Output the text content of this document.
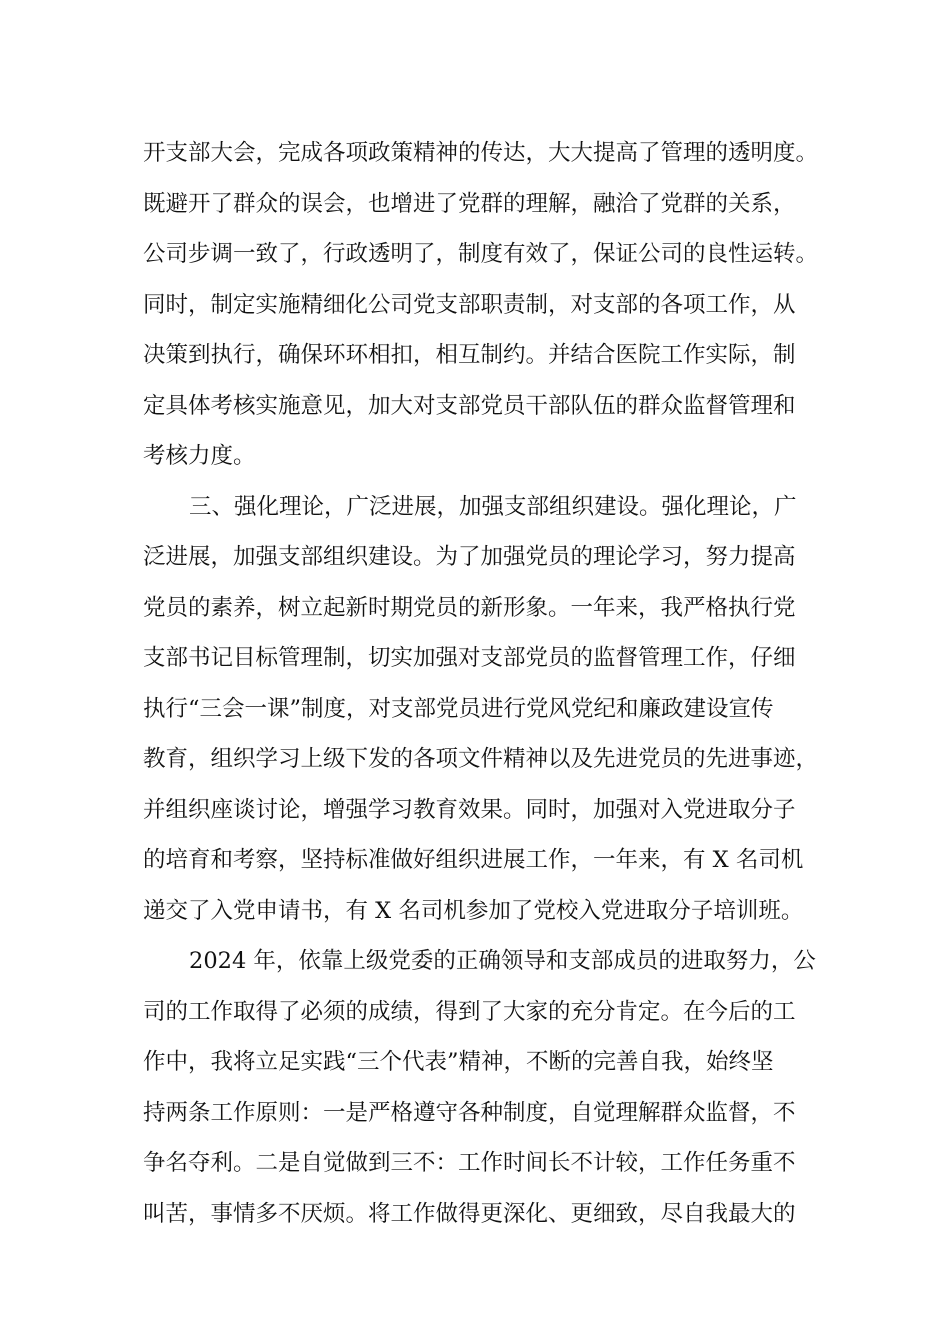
开支部大会，完成各项政策精神的传达，大大提高了管理的透明度。
既避开了群众的误会，也增进了党群的理解，融洽了党群的关系，
公司步调一致了，行政透明了，制度有效了，保证公司的良性运转。
同时，制定实施精细化公司党支部职责制，对支部的各项工作，从
决策到执行，确保环环相扣，相互制约。并结合医院工作实际，制
定具体考核实施意见，加大对支部党员干部队伍的群众监督管理和
考核力度。
三、强化理论，广泛进展，加强支部组织建设。强化理论，广
泛进展，加强支部组织建设。为了加强党员的理论学习，努力提高
党员的素养，树立起新时期党员的新形象。一年来，我严格执行党
支部书记目标管理制，切实加强对支部党员的监督管理工作，仔细
执行“三会一课”制度，对支部党员进行党风党纪和廉政建设宣传
教育，组织学习上级下发的各项文件精神以及先进党员的先进事迹，
并组织座谈讨论，增强学习教育效果。同时，加强对入党进取分子
的培育和考察，坚持标准做好组织进展工作，一年来，有 X 名司机
递交了入党申请书，有 X 名司机参加了党校入党进取分子培训班。
2024 年，依靠上级党委的正确领导和支部成员的进取努力，公
司的工作取得了必须的成绩，得到了大家的充分肯定。在今后的工
作中，我将立足实践“三个代表”精神，不断的完善自我，始终坚
持两条工作原则：一是严格遵守各种制度，自觉理解群众监督，不
争名夺利。二是自觉做到三不：工作时间长不计较，工作任务重不
叫苦，事情多不厌烦。将工作做得更深化、更细致，尽自我最大的
